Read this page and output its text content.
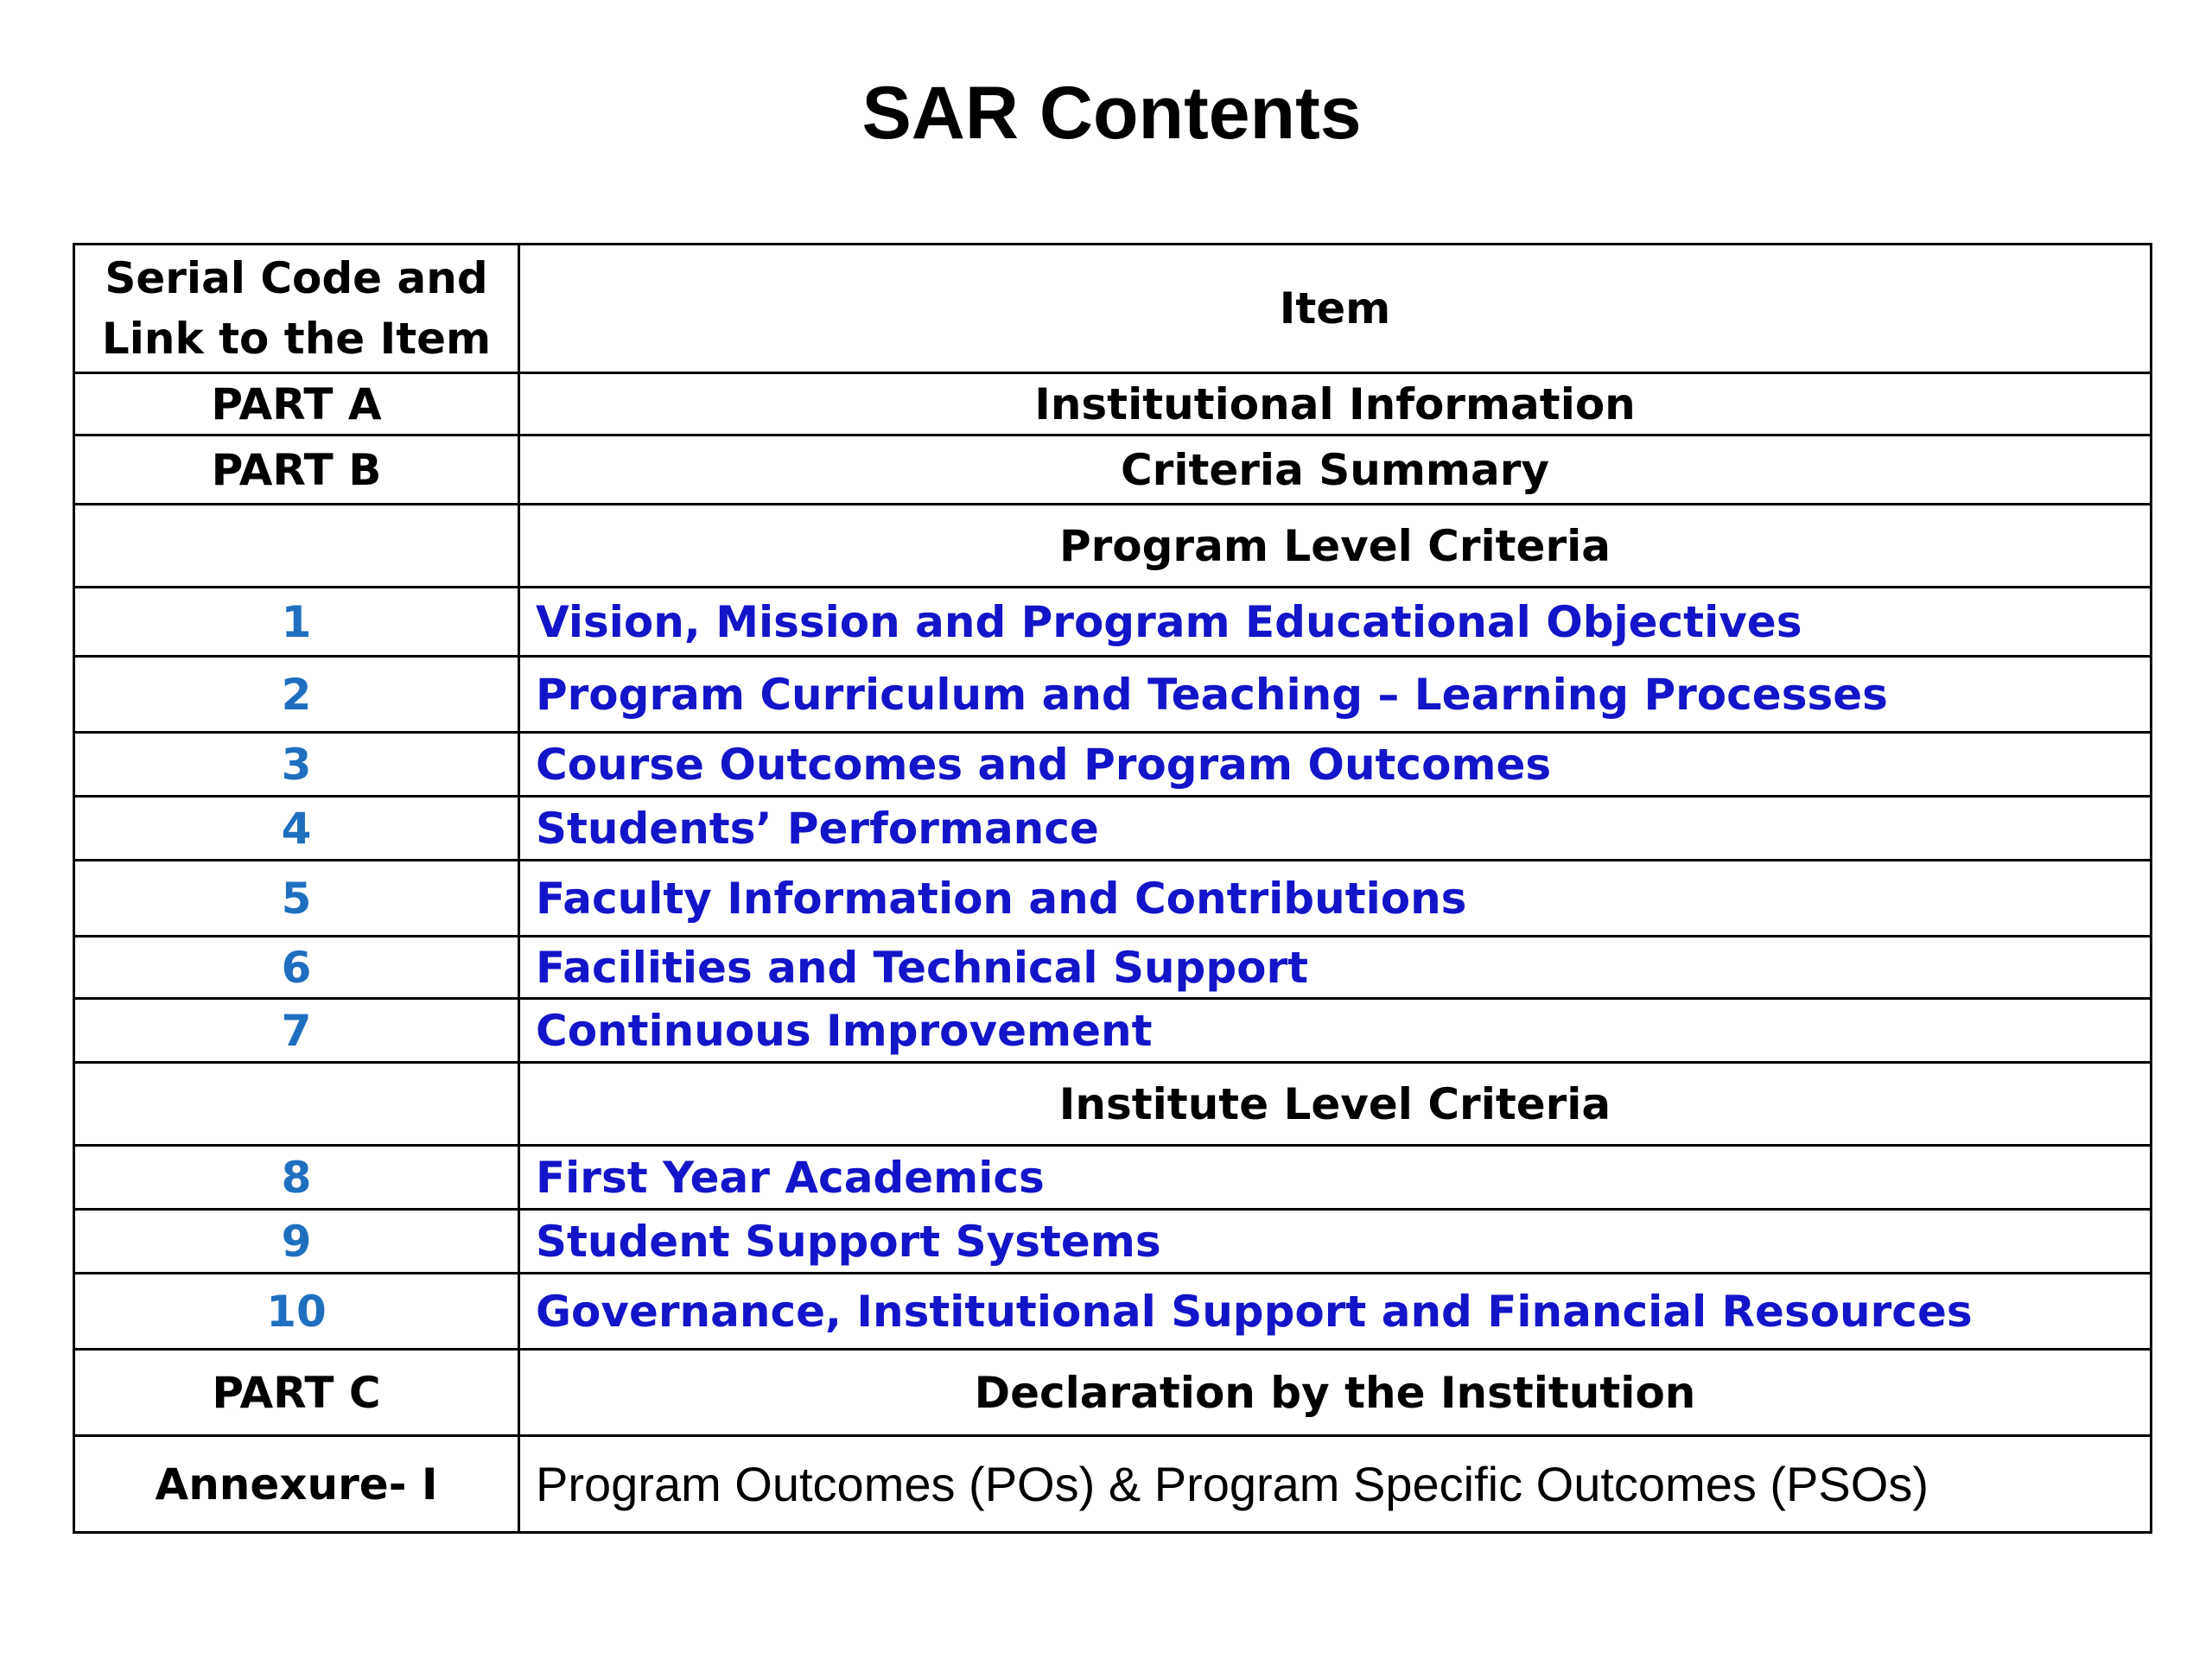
SAR Contents
Serial Code and
Link to the Item	Item
PART A	Institutional Information
PART B	Criteria Summary
	Program Level Criteria
1	Vision, Mission and Program Educational Objectives
2	Program Curriculum and Teaching – Learning Processes
3	Course Outcomes and Program Outcomes
4	Students’ Performance
5	Faculty Information and Contributions
6	Facilities and Technical Support
7	Continuous Improvement
	Institute Level Criteria
8	First Year Academics
9	Student Support Systems
10	Governance, Institutional Support and Financial Resources
PART C	Declaration by the Institution
Annexure- I	Program Outcomes (POs) & Program Specific Outcomes (PSOs)
